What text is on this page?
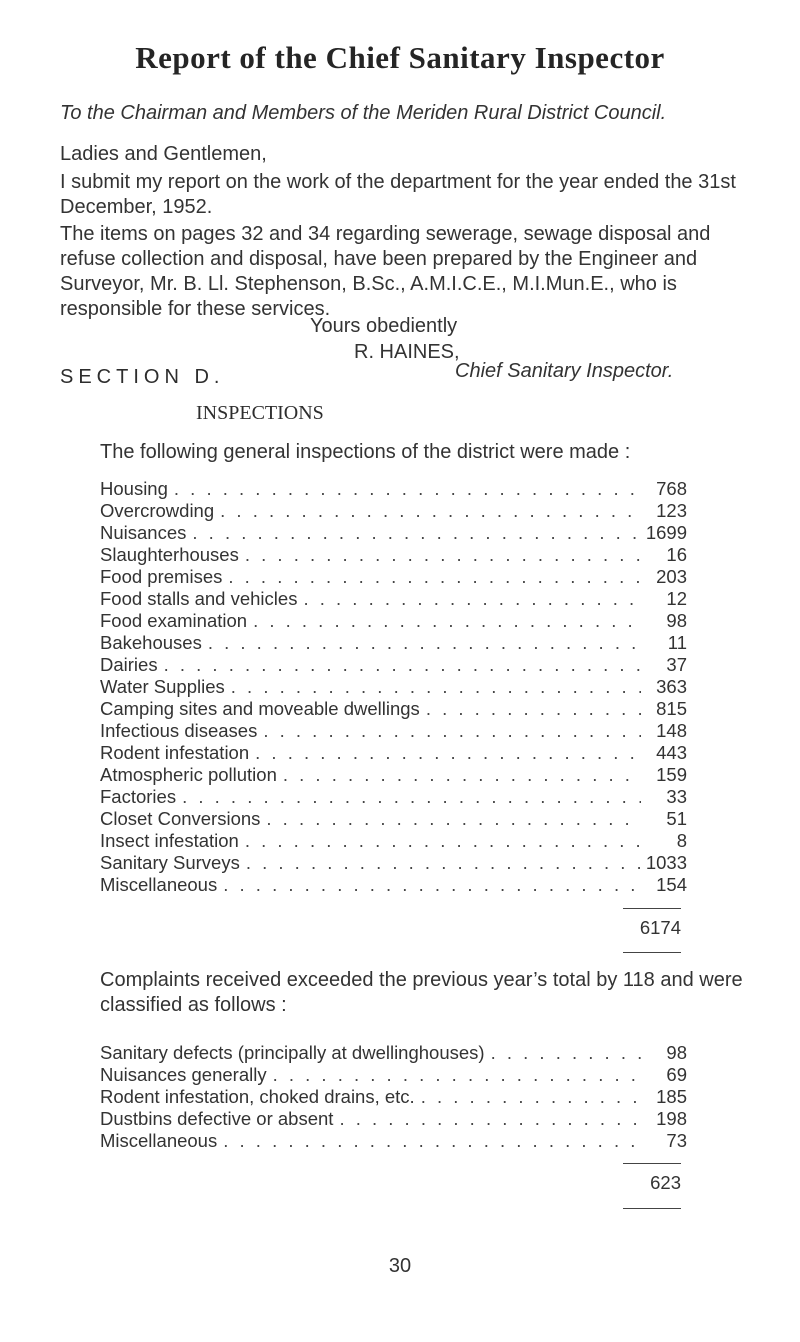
Report of the Chief Sanitary Inspector
To the Chairman and Members of the Meriden Rural District Council.
Ladies and Gentlemen,
I submit my report on the work of the department for the year ended the 31st December, 1952.
The items on pages 32 and 34 regarding sewerage, sewage disposal and refuse collection and disposal, have been prepared by the Engineer and Surveyor, Mr. B. Ll. Stephenson, B.Sc., A.M.I.C.E., M.I.Mun.E., who is responsible for these services.
Yours obediently
R. HAINES,
Chief Sanitary Inspector.
SECTION D.
INSPECTIONS
The following general inspections of the district were made :
Housing . . .	768
Overcrowding . . .	123
Nuisances . . .	1699
Slaughterhouses . . .	16
Food premises . . .	203
Food stalls and vehicles . . .	12
Food examination . . .	98
Bakehouses . . .	11
Dairies . . .	37
Water Supplies . . .	363
Camping sites and moveable dwellings . . .	815
Infectious diseases . . .	148
Rodent infestation . . .	443
Atmospheric pollution . . .	159
Factories . . .	33
Closet Conversions . . .	51
Insect infestation . . .	8
Sanitary Surveys . . .	1033
Miscellaneous . . .	154
6174
Complaints received exceeded the previous year’s total by 118 and were classified as follows :
Sanitary defects (principally at dwellinghouses) . . .	98
Nuisances generally . . .	69
Rodent infestation, choked drains, etc. . . .	185
Dustbins defective or absent . . .	198
Miscellaneous . . .	73
623
30
